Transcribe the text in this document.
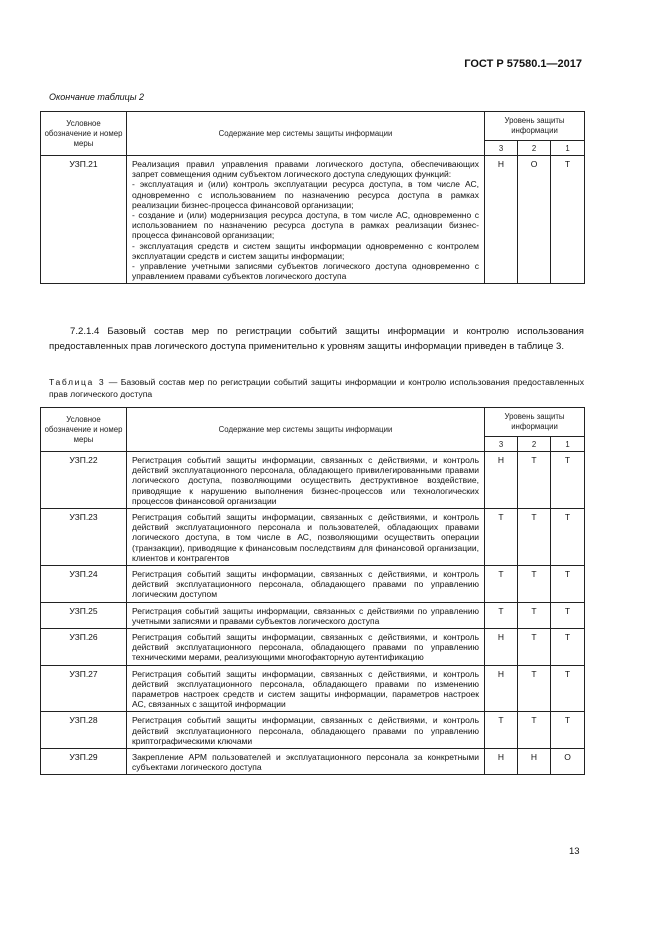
ГОСТ Р 57580.1—2017
Окончание таблицы 2
Условное обозначение и номер меры	Содержание мер системы защиты информации	Уровень защиты информации		
		3	2	1
УЗП.21	Реализация правил управления правами логического доступа, обеспечивающих запрет совмещения одним субъектом логического доступа следующих функций:

- эксплуатация и (или) контроль эксплуатации ресурса доступа, в том числе АС, одновременно с использованием по назначению ресурса доступа в рамках реализации бизнес-процесса финансовой организации;

- создание и (или) модернизация ресурса доступа, в том числе АС, одновременно с использованием по назначению ресурса доступа в рамках реализации бизнес-процесса финансовой организации;

- эксплуатация средств и систем защиты информации одновременно с контролем эксплуатации средств и систем защиты информации;

- управление учетными записями субъектов логического доступа одновременно с управлением правами субъектов логического доступа	Н	О	Т
7.2.1.4 Базовый состав мер по регистрации событий защиты информации и контролю использования предоставленных прав логического доступа применительно к уровням защиты информации приведен в таблице 3.
Таблица 3 — Базовый состав мер по регистрации событий защиты информации и контролю использования предоставленных прав логического доступа
Условное обозначение и номер меры	Содержание мер системы защиты информации	Уровень защиты информации		
		3	2	1
УЗП.22	Регистрация событий защиты информации, связанных с действиями, и контроль действий эксплуатационного персонала, обладающего привилегированными правами логического доступа, позволяющими осуществить деструктивное воздействие, приводящие к нарушению выполнения бизнес-процессов или технологических процессов финансовой организации	Н	Т	Т
УЗП.23	Регистрация событий защиты информации, связанных с действиями, и контроль действий эксплуатационного персонала и пользователей, обладающих правами логического доступа, в том числе в АС, позволяющими осуществить операции (транзакции), приводящие к финансовым последствиям для финансовой организации, клиентов и контрагентов	Т	Т	Т
УЗП.24	Регистрация событий защиты информации, связанных с действиями, и контроль действий эксплуатационного персонала, обладающего правами по управлению логическим доступом	Т	Т	Т
УЗП.25	Регистрация событий защиты информации, связанных с действиями по управлению учетными записями и правами субъектов логического доступа	Т	Т	Т
УЗП.26	Регистрация событий защиты информации, связанных с действиями, и контроль действий эксплуатационного персонала, обладающего правами по управлению техническими мерами, реализующими многофакторную аутентификацию	Н	Т	Т
УЗП.27	Регистрация событий защиты информации, связанных с действиями, и контроль действий эксплуатационного персонала, обладающего правами по изменению параметров настроек средств и систем защиты информации, параметров настроек АС, связанных с защитой информации	Н	Т	Т
УЗП.28	Регистрация событий защиты информации, связанных с действиями, и контроль действий эксплуатационного персонала, обладающего правами по управлению криптографическими ключами	Т	Т	Т
УЗП.29	Закрепление АРМ пользователей и эксплуатационного персонала за конкретными субъектами логического доступа	Н	Н	О
13
